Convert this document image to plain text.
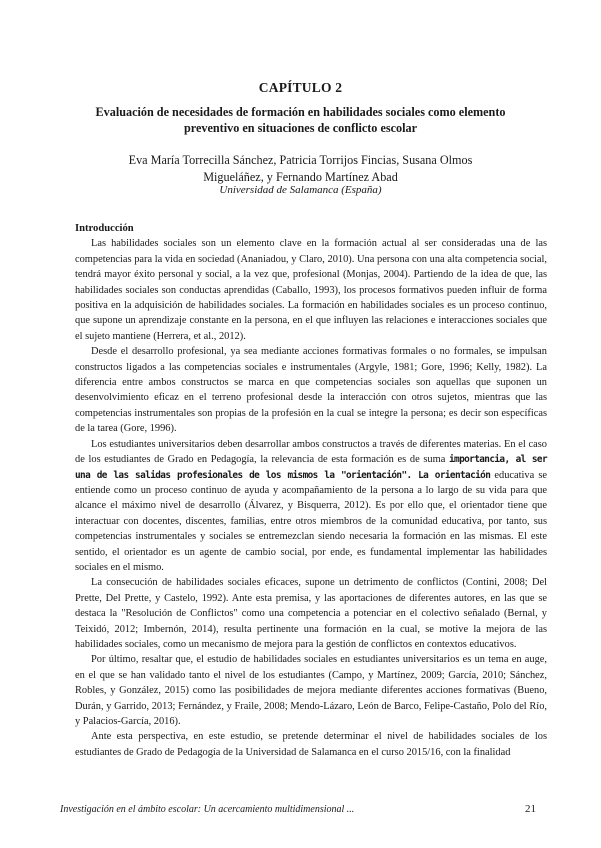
CAPÍTULO 2
Evaluación de necesidades de formación en habilidades sociales como elemento preventivo en situaciones de conflicto escolar
Eva María Torrecilla Sánchez, Patricia Torrijos Fincias, Susana Olmos
Migueláñez, y Fernando Martínez Abad
Universidad de Salamanca (España)

Introducción

Las habilidades sociales son un elemento clave en la formación actual al ser consideradas una de las competencias para la vida en sociedad (Ananiadou, y Claro, 2010). Una persona con una alta competencia social, tendrá mayor éxito personal y social, a la vez que, profesional (Monjas, 2004). Partiendo de la idea de que, las habilidades sociales son conductas aprendidas (Caballo, 1993), los procesos formativos pueden influir de forma positiva en la adquisición de habilidades sociales. La formación en habilidades sociales es un proceso continuo, que supone un aprendizaje constante en la persona, en el que influyen las relaciones e interacciones sociales que el sujeto mantiene (Herrera, et al., 2012).

Desde el desarrollo profesional, ya sea mediante acciones formativas formales o no formales, se impulsan constructos ligados a las competencias sociales e instrumentales (Argyle, 1981; Gore, 1996; Kelly, 1982). La diferencia entre ambos constructos se marca en que competencias sociales son aquellas que suponen un desenvolvimiento eficaz en el terreno profesional desde la interacción con otros sujetos, mientras que las competencias instrumentales son propias de la profesión en la cual se integre la persona; es decir son específicas de la tarea (Gore, 1996).

Los estudiantes universitarios deben desarrollar ambos constructos a través de diferentes materias. En el caso de los estudiantes de Grado en Pedagogía, la relevancia de esta formación es de suma importancia, al ser una de las salidas profesionales de los mismos la "orientación". La orientación educativa se entiende como un proceso continuo de ayuda y acompañamiento de la persona a lo largo de su vida para que alcance el máximo nivel de desarrollo (Álvarez, y Bisquerra, 2012). Es por ello que, el orientador tiene que interactuar con docentes, discentes, familias, entre otros miembros de la comunidad educativa, por tanto, sus competencias instrumentales y sociales se entremezclan siendo necesaria la formación en las mismas. El este sentido, el orientador es un agente de cambio social, por ende, es fundamental implementar las habilidades sociales en el mismo.

La consecución de habilidades sociales eficaces, supone un detrimento de conflictos (Contini, 2008; Del Prette, Del Prette, y Castelo, 1992). Ante esta premisa, y las aportaciones de diferentes autores, en las que se destaca la "Resolución de Conflictos" como una competencia a potenciar en el colectivo señalado (Bernal, y Teixidó, 2012; Imbernón, 2014), resulta pertinente una formación en la cual, se motive la mejora de las habilidades sociales, como un mecanismo de mejora para la gestión de conflictos en contextos educativos.

Por último, resaltar que, el estudio de habilidades sociales en estudiantes universitarios es un tema en auge, en el que se han validado tanto el nivel de los estudiantes (Campo, y Martínez, 2009; García, 2010; Sánchez, Robles, y González, 2015) como las posibilidades de mejora mediante diferentes acciones formativas (Bueno, Durán, y Garrido, 2013; Fernández, y Fraile, 2008; Mendo-Lázaro, León de Barco, Felipe-Castaño, Polo del Río, y Palacios-García, 2016).

Ante esta perspectiva, en este estudio, se pretende determinar el nivel de habilidades sociales de los estudiantes de Grado de Pedagogía de la Universidad de Salamanca en el curso 2015/16, con la finalidad

Investigación en el ámbito escolar: Un acercamiento multidimensional ...	21
